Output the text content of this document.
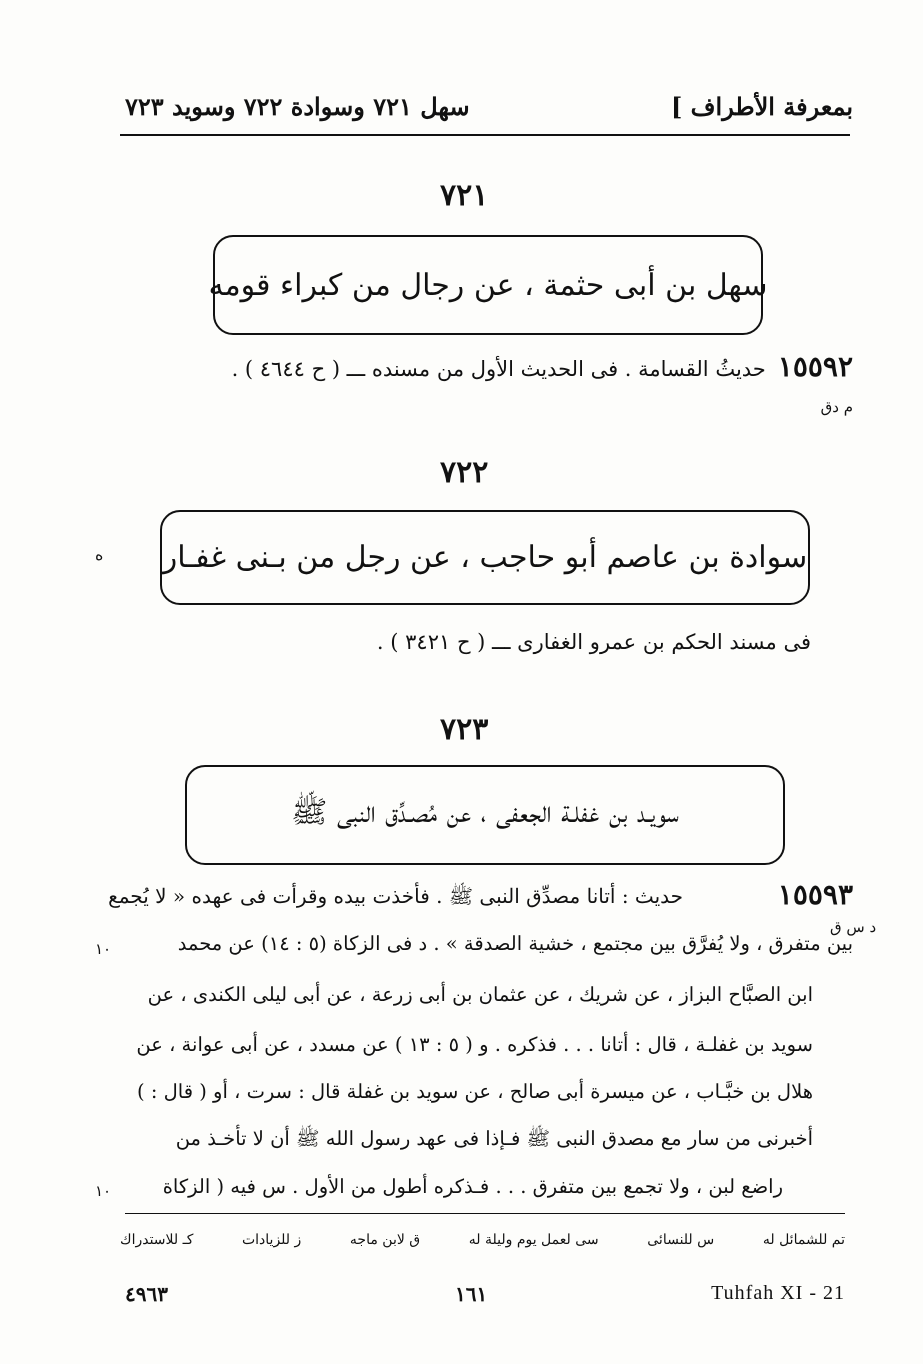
بمعرفة الأطراف ]
سهل ٧٢١ وسوادة ٧٢٢ وسويد ٧٢٣
٧٢١
سهل بن أبى حثمة ، عن رجال من كبراء قومه
١٥٥٩٢
حديثُ القسامة . فى الحديث الأول من مسنده ـــ ( ح ٤٦٤٤ ) .
م دق
٧٢٢
سوادة بن عاصم أبو حاجب ، عن رجل من بـنى غفـار
ه
فى مسند الحكم بن عمرو الغفارى ـــ ( ح ٣٤٢١ ) .
٧٢٣
سويـد بن غفلـة الجعفى ، عن مُصـدِّق النبى ﷺ
١٥٥٩٣
د س ق
حديث : أتانا مصدِّق النبى ﷺ . فأخذت بيده وقرأت فى عهده « لا يُجمع
بين متفرق ، ولا يُفرَّق بين مجتمع ، خشية الصدقة » . د فى الزكاة (٥ : ١٤) عن محمد
ابن الصبَّاح البزاز ، عن شريك ، عن عثمان بن أبى زرعة ، عن أبى ليلى الكندى ، عن
سويد بن غفلـة ، قال : أتانا . . . فذكره . و ( ٥ : ١٣ ) عن مسدد ، عن أبى عوانة ، عن
هلال بن خبَّـاب ، عن ميسرة أبى صالح ، عن سويد بن غفلة قال : سرت ، أو ( قال : )
أخبرنى من سار مع مصدق النبى ﷺ فـإذا فى عهد رسول الله ﷺ أن لا تأخـذ من
راضع لبن ، ولا تجمع بين متفرق . . . فـذكره أطول من الأول . س فيه ( الزكاة
١٠
١٠
تم للشمائل له
س للنسائى
سى لعمل يوم وليلة له
ق لابن ماجه
ز للزيادات
كـ للاستدراك
٤٩٦٣	١٦١	Tuhfah XI - 21
